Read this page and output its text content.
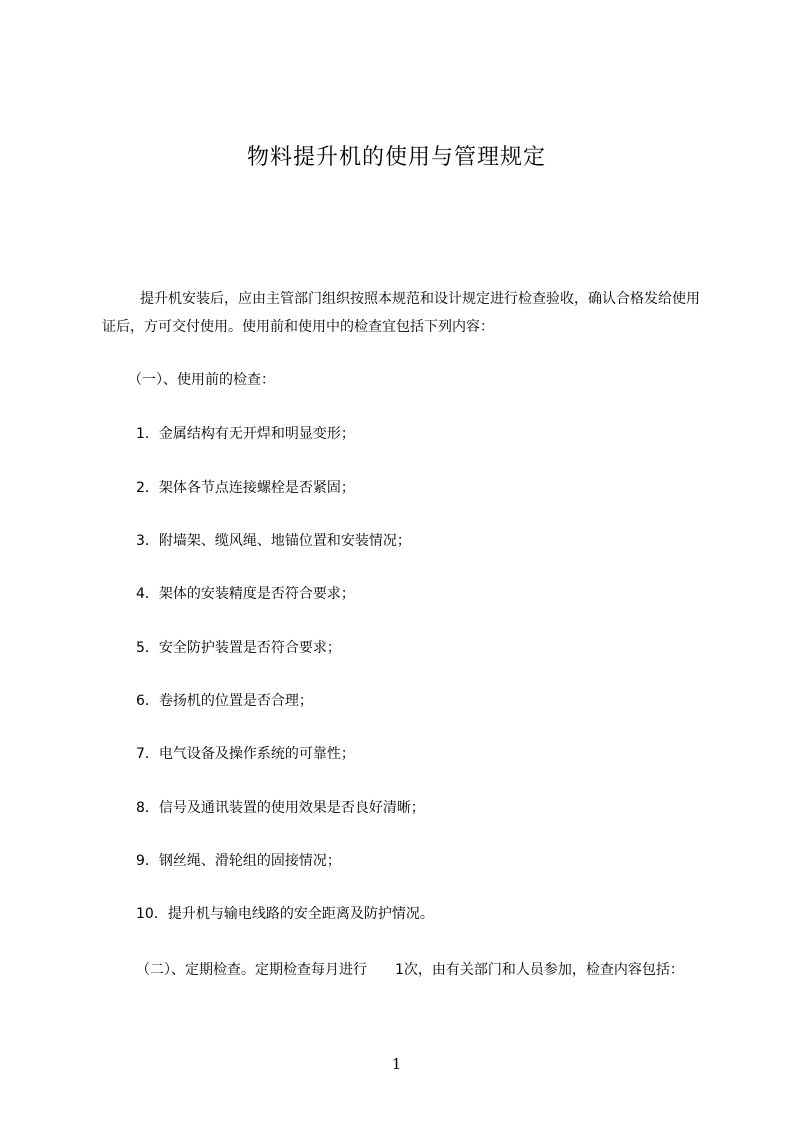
物料提升机的使用与管理规定

提升机安装后，应由主管部门组织按照本规范和设计规定进行检查验收，确认合格发给使用证后，方可交付使用。使用前和使用中的检查宜包括下列内容：

（一）、使用前的检查：
1．金属结构有无开焊和明显变形；
2．架体各节点连接螺栓是否紧固；
3．附墙架、缆风绳、地锚位置和安装情况；
4．架体的安装精度是否符合要求；
5．安全防护装置是否符合要求；
6．卷扬机的位置是否合理；
7．电气设备及操作系统的可靠性；
8．信号及通讯装置的使用效果是否良好清晰；
9．钢丝绳、滑轮组的固接情况；
10．提升机与输电线路的安全距离及防护情况。

（二）、定期检查。定期检查每月进行　　1次，由有关部门和人员参加，检查内容包括：

1
